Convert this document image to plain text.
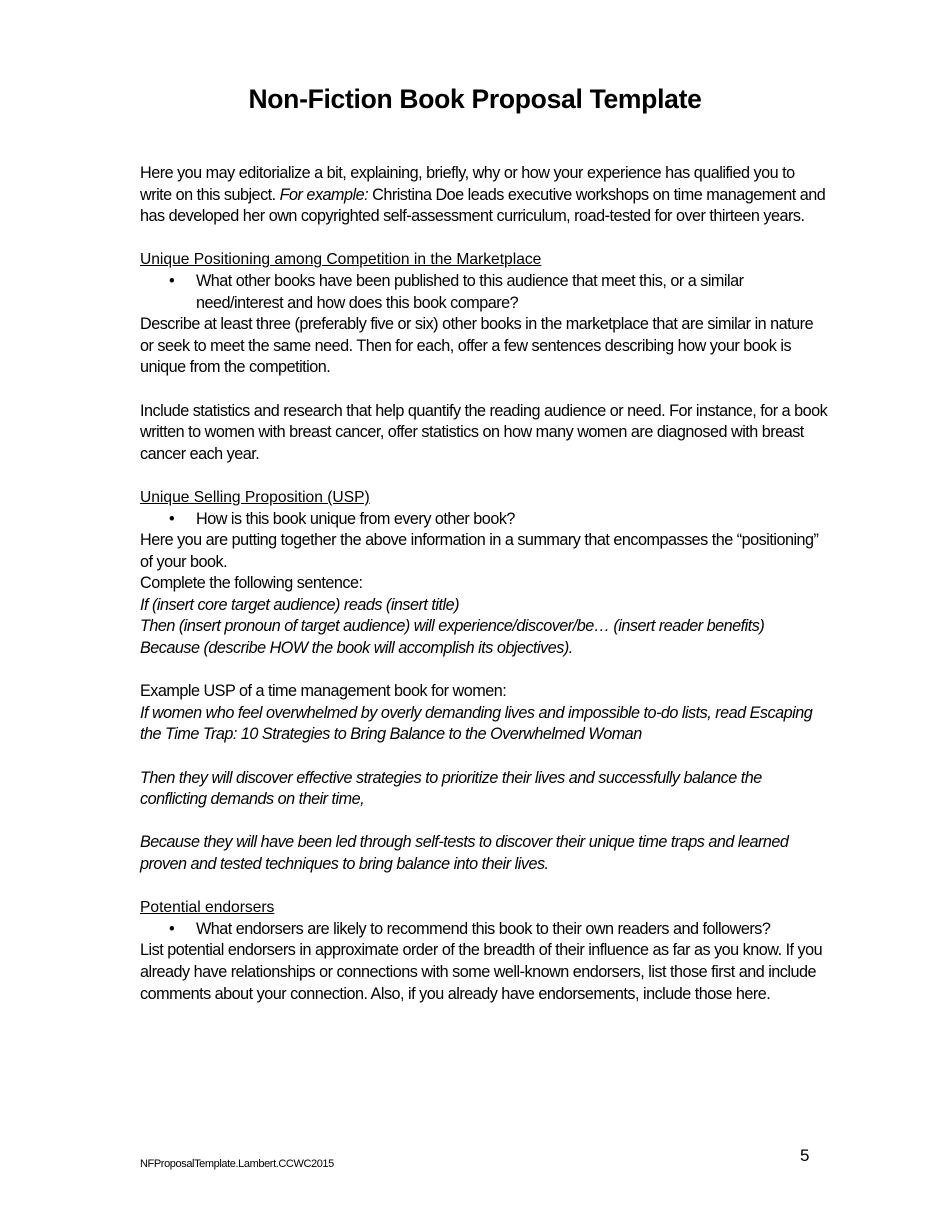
Non-Fiction Book Proposal Template

Here you may editorialize a bit, explaining, briefly, why or how your experience has qualified you to write on this subject. For example: Christina Doe leads executive workshops on time management and has developed her own copyrighted self-assessment curriculum, road-tested for over thirteen years.

Unique Positioning among Competition in the Marketplace

• What other books have been published to this audience that meet this, or a similar need/interest and how does this book compare?

Describe at least three (preferably five or six) other books in the marketplace that are similar in nature or seek to meet the same need. Then for each, offer a few sentences describing how your book is unique from the competition.

Include statistics and research that help quantify the reading audience or need. For instance, for a book written to women with breast cancer, offer statistics on how many women are diagnosed with breast cancer each year.

Unique Selling Proposition (USP)

• How is this book unique from every other book?

Here you are putting together the above information in a summary that encompasses the “positioning” of your book.

Complete the following sentence:

If (insert core target audience) reads (insert title)

Then (insert pronoun of target audience) will experience/discover/be… (insert reader benefits)

Because (describe HOW the book will accomplish its objectives).

Example USP of a time management book for women:

If women who feel overwhelmed by overly demanding lives and impossible to-do lists, read Escaping the Time Trap: 10 Strategies to Bring Balance to the Overwhelmed Woman

Then they will discover effective strategies to prioritize their lives and successfully balance the conflicting demands on their time,

Because they will have been led through self-tests to discover their unique time traps and learned proven and tested techniques to bring balance into their lives.

Potential endorsers

• What endorsers are likely to recommend this book to their own readers and followers?

List potential endorsers in approximate order of the breadth of their influence as far as you know. If you already have relationships or connections with some well-known endorsers, list those first and include comments about your connection. Also, if you already have endorsements, include those here.

NFProposalTemplate.Lambert.CCWC2015	5
